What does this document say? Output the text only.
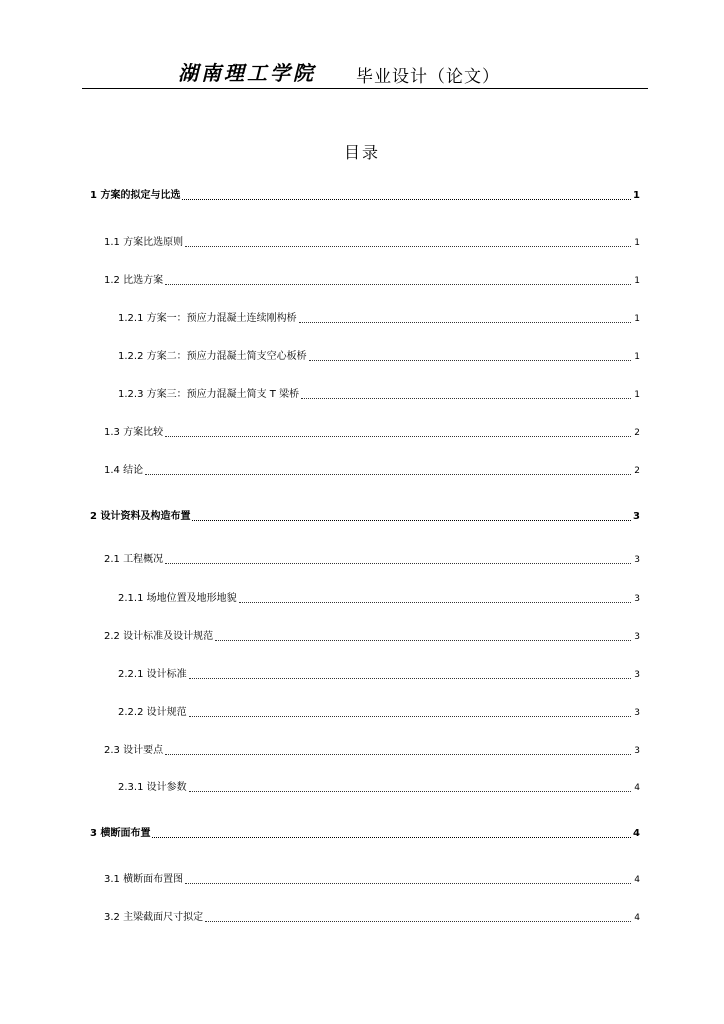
湖南理工学院 毕业设计（论文）
目录
1 方案的拟定与比选	1
1.1 方案比选原则	1
1.2 比选方案	1
1.2.1 方案一：预应力混凝土连续刚构桥	1
1.2.2 方案二：预应力混凝土简支空心板桥	1
1.2.3 方案三：预应力混凝土简支 T 梁桥	1
1.3 方案比较	2
1.4 结论	2
2 设计资料及构造布置	3
2.1 工程概况	3
2.1.1 场地位置及地形地貌	3
2.2 设计标准及设计规范	3
2.2.1 设计标准	3
2.2.2 设计规范	3
2.3 设计要点	3
2.3.1 设计参数	4
3 横断面布置	4
3.1 横断面布置图	4
3.2 主梁截面尺寸拟定	4
